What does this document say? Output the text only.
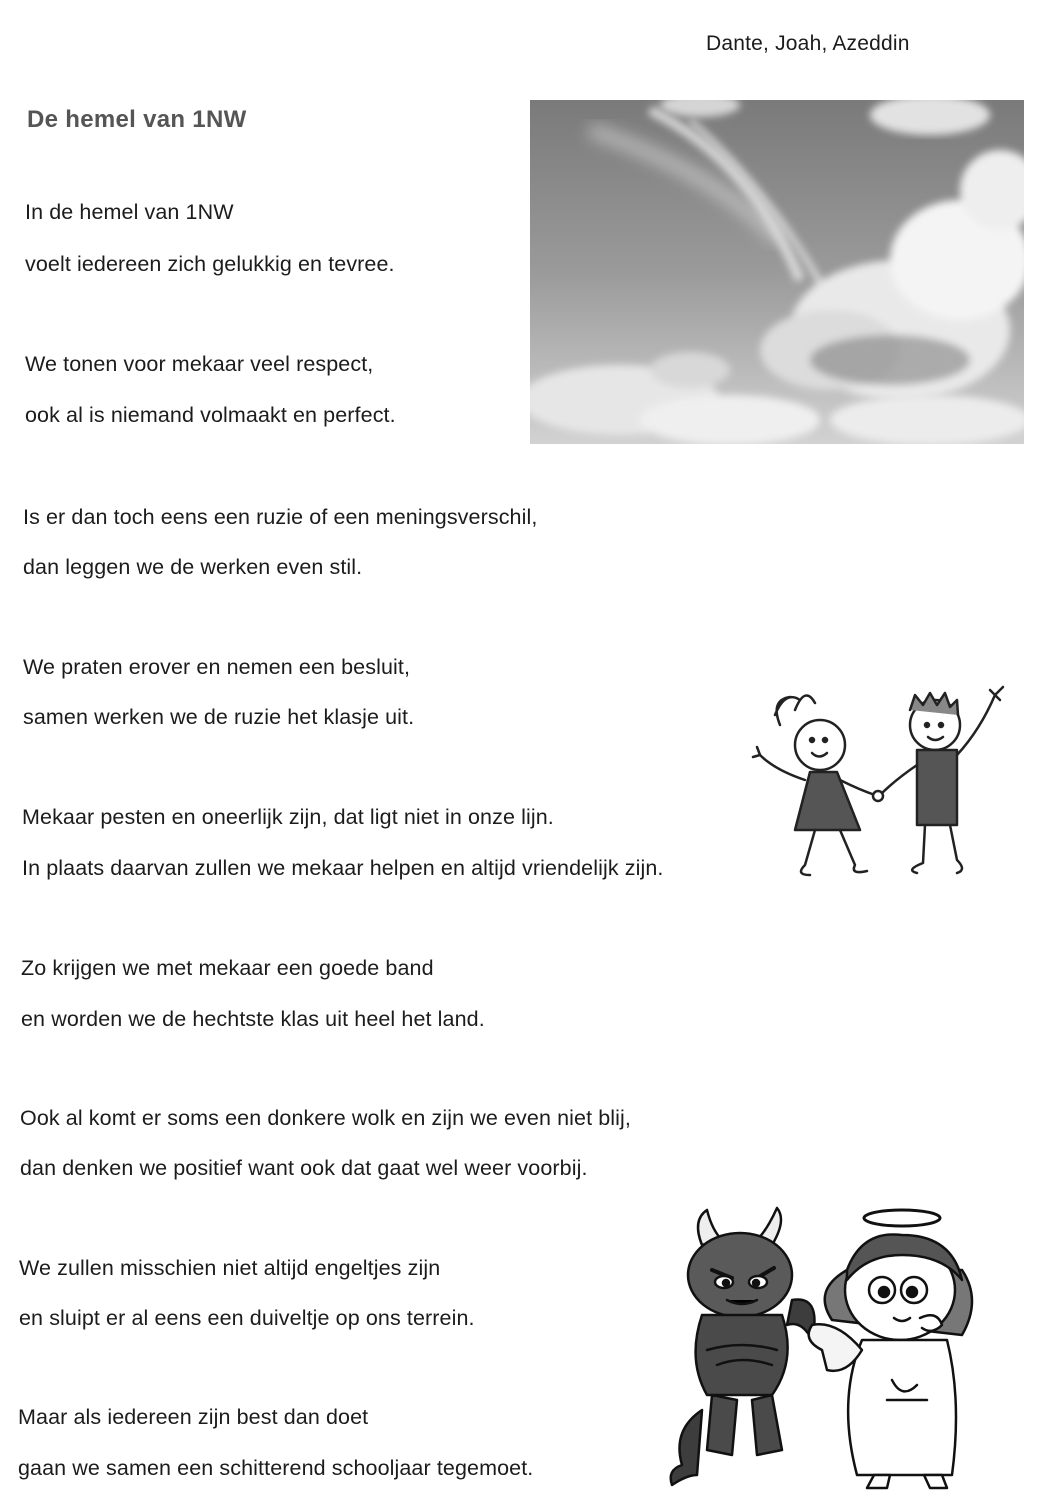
Dante, Joah, Azeddin
De hemel van 1NW
In de hemel van 1NW
voelt iedereen zich gelukkig en tevree.
We tonen voor mekaar veel respect,
ook al is niemand volmaakt en perfect.
Is er dan toch eens een ruzie of een meningsverschil,
dan leggen we de werken even stil.
We praten erover en nemen een besluit,
samen werken we de ruzie het klasje uit.
Mekaar pesten en oneerlijk zijn, dat ligt niet in onze lijn.
In plaats daarvan zullen we mekaar helpen en altijd vriendelijk zijn.
Zo krijgen we met mekaar een goede band
en worden we de hechtste klas uit heel het land.
Ook al komt er soms een donkere wolk en zijn we even niet blij,
dan denken we positief want ook dat gaat wel weer voorbij.
We zullen misschien niet altijd engeltjes zijn
en sluipt er al eens een duiveltje op ons terrein.
Maar als iedereen zijn best dan doet
gaan we samen een schitterend schooljaar tegemoet.
